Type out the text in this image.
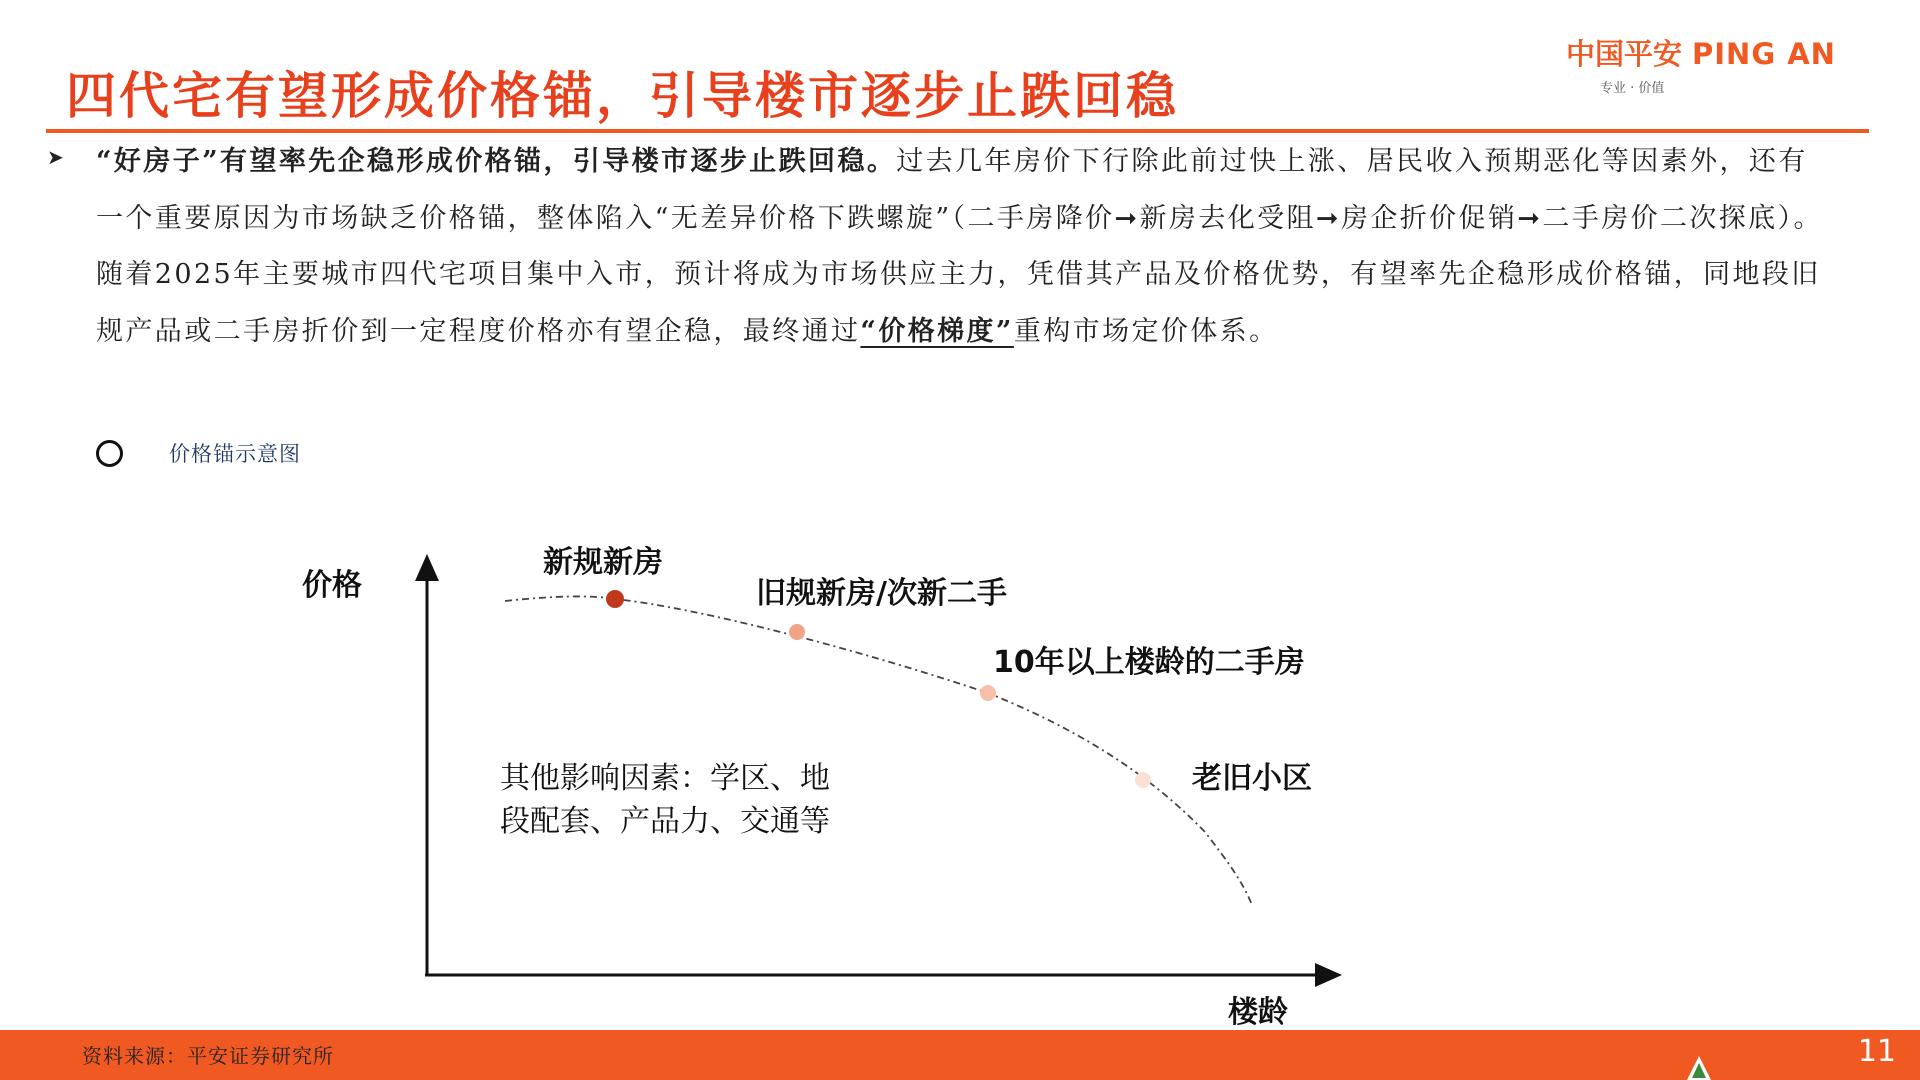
四代宅有望形成价格锚，引导楼市逐步止跌回稳
中国平安 PING AN
专业 · 价值
➤ “好房子”有望率先企稳形成价格锚，引导楼市逐步止跌回稳。过去几年房价下行除此前过快上涨、居民收入预期恶化等因素外，还有一个重要原因为市场缺乏价格锚，整体陷入“无差异价格下跌螺旋”（二手房降价➞新房去化受阻➞房企折价促销➞二手房价二次探底）。随着2025年主要城市四代宅项目集中入市，预计将成为市场供应主力，凭借其产品及价格优势，有望率先企稳形成价格锚，同地段旧规产品或二手房折价到一定程度价格亦有望企稳，最终通过“价格梯度”重构市场定价体系。
价格锚示意图
价格
楼龄
新规新房
旧规新房/次新二手
10年以上楼龄的二手房
老旧小区
其他影响因素：学区、地
段配套、产品力、交通等
资料来源：平安证券研究所	11
